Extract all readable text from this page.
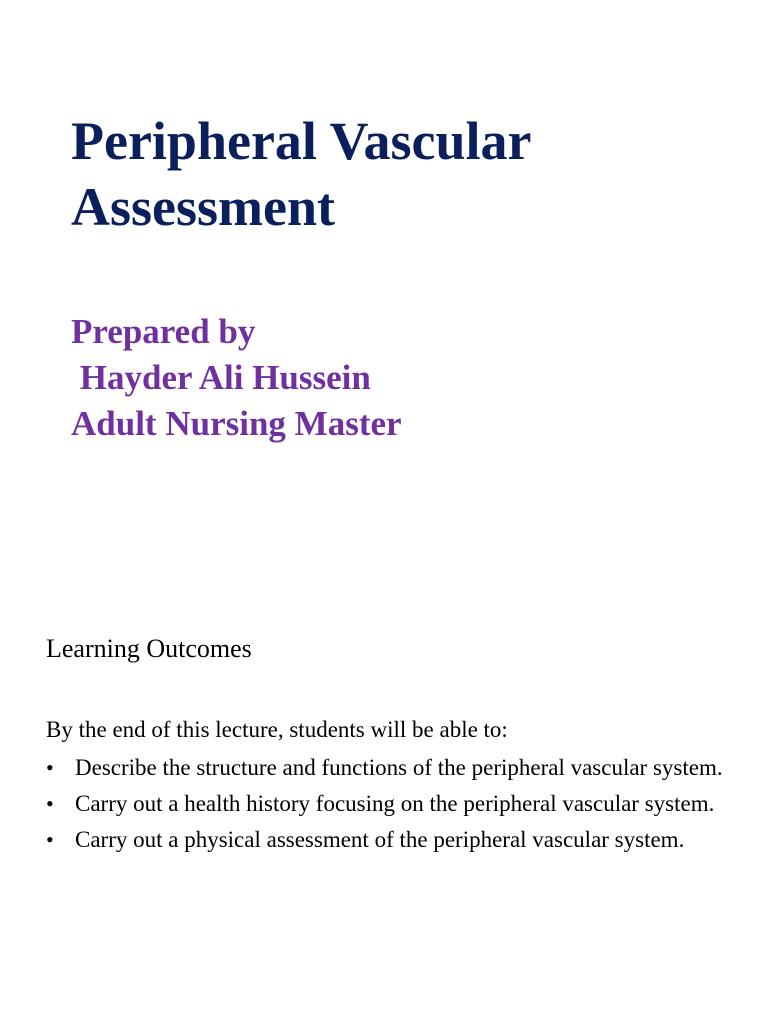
Peripheral Vascular
Assessment
Prepared by
Hayder Ali Hussein
Adult Nursing Master
Learning Outcomes

By the end of this lecture, students will be able to:

• Describe the structure and functions of the peripheral vascular system.
• Carry out a health history focusing on the peripheral vascular system.
• Carry out a physical assessment of the peripheral vascular system.
